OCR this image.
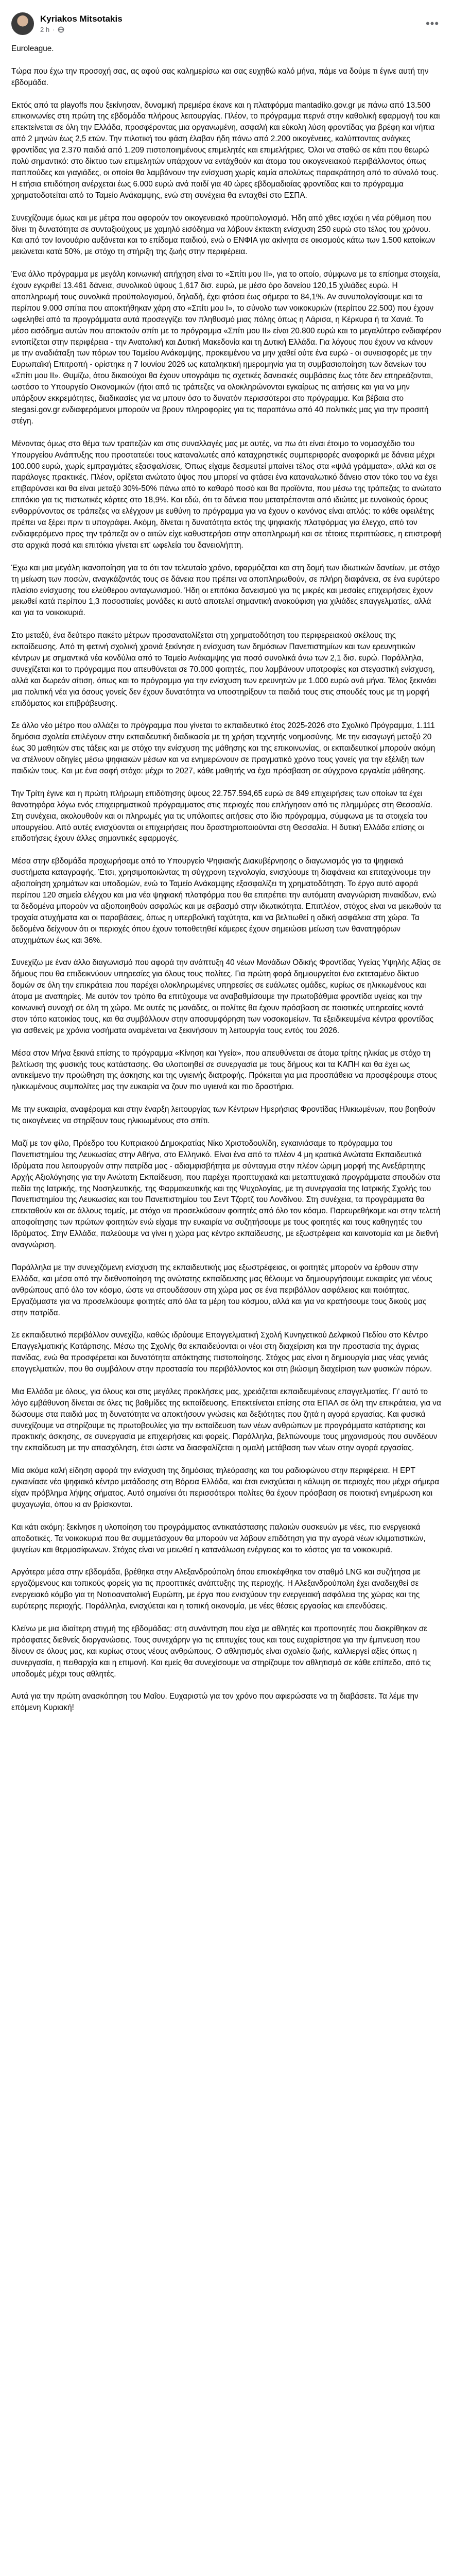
Kyriakos Mitsotakis
2 h ·	•••
Eurolеague.

Τώρα που έχω την προσοχή σας, ας αφού σας καλημερίσω και σας ευχηθώ καλό μήνα, πάμε να δούμε τι έγινε αυτή την εβδομάδα.

Εκτός από τα playoffs που ξεκίνησαν, δυναμική πρεμιέρα έκανε και η πλατφόρμα mantadiko.gov.gr με πάνω από 13.500 επικοινωνίες στη πρώτη της εβδομάδα πλήρους λειτουργίας. Πλέον, το πρόγραμμα περνά στην καθολική εφαρμογή του και επεκτείνεται σε όλη την Ελλάδα, προσφέροντας μια οργανωμένη, ασφαλή και εύκολη λύση φροντίδας για βρέφη και νήπια από 2 μηνών έως 2,5 ετών. Την πιλοτική του φάση έλαβαν ήδη πάνω από 2.200 οικογένειες, καλύπτοντας ανάγκες φροντίδας για 2.370 παιδιά από 1.209 πιστοποιημένους επιμελητές και επιμελήτριες. Όλοι να σταθώ σε κάτι που θεωρώ πολύ σημαντικό: στο δίκτυο των επιμελητών υπάρχουν να εντάχθούν και άτομα του οικογενειακού περιβάλλοντος όπως παππούδες και γιαγιάδες, οι οποίοι θα λαμβάνουν την ενίσχυση χωρίς καμία απολύτως παρακράτηση από το σύνολό τους. Η ετήσια επιδότηση ανέρχεται έως 6.000 ευρώ ανά παιδί για 40 ώρες εβδομαδιαίας φροντίδας και το πρόγραμμα χρηματοδοτείται από το Ταμείο Ανάκαμψης, ενώ στη συνέχεια θα ενταχθεί στο ΕΣΠΑ.

Συνεχίζουμε όμως και με μέτρα που αφορούν τον οικογενειακό προϋπολογισμό. Ήδη από χθες ισχύει η νέα ρύθμιση που δίνει τη δυνατότητα σε συνταξιούχους με χαμηλό εισόδημα να λάβουν έκτακτη ενίσχυση 250 ευρώ στο τέλος του χρόνου. Και από τον Ιανουάριο αυξάνεται και το επίδομα παιδιού, ενώ ο ΕΝΦΙΑ για ακίνητα σε οικισμούς κάτω των 1.500 κατοίκων μειώνεται κατά 50%, με στόχο τη στήριξη της ζωής στην περιφέρεια.

Ένα άλλο πρόγραμμα με μεγάλη κοινωνική απήχηση είναι το «Σπίτι μου ΙΙ», για το οποίο, σύμφωνα με τα επίσημα στοιχεία, έχουν εγκριθεί 13.461 δάνεια, συνολικού ύψους 1,617 δισ. ευρώ, με μέσο όρο δανείου 120,15 χιλιάδες ευρώ. Η αποπληρωμή τους συνολικά προϋπολογισμού, δηλαδή, έχει φτάσει έως σήμερα το 84,1%. Αν συνυπολογίσουμε και τα περίπου 9.000 σπίτια που αποκτήθηκαν χάρη στο «Σπίτι μου Ι», το σύνολο των νοικοκυριών (περίπου 22.500) που έχουν ωφεληθεί από τα προγράμματα αυτά προσεγγίζει τον πληθυσμό μιας πόλης όπως η Λάρισα, η Κέρκυρα ή τα Χανιά. Το μέσο εισόδημα αυτών που αποκτούν σπίτι με το πρόγραμμα «Σπίτι μου ΙΙ» είναι 20.800 ευρώ και το μεγαλύτερο ενδιαφέρον εντοπίζεται στην περιφέρεια - την Ανατολική και Δυτική Μακεδονία και τη Δυτική Ελλάδα. Για λόγους που έχουν να κάνουν με την αναδιάταξη των πόρων του Ταμείου Ανάκαμψης, προκειμένου να μην χαθεί ούτε ένα ευρώ - οι συνεισφορές με την Ευρωπαϊκή Επιτροπή - ορίστηκε η 7 Ιουνίου 2026 ως καταληκτική ημερομηνία για τη συμβασιοποίηση των δανείων του «Σπίτι μου ΙΙ». Θυμίζω, ότου δικαιούχοι θα έχουν υπογράψει τις σχετικές δανειακές συμβάσεις έως τότε δεν επηρεάζονται, ωστόσο το Υπουργείο Οικονομικών (ήτοι από τις τράπεζες να ολοκληρώνονται εγκαίρως τις αιτήσεις και για να μην υπάρξουν εκκρεμότητες, διαδικασίες για να μπουν όσο το δυνατόν περισσότεροι στο πρόγραμμα. Και βέβαια στο stegasi.gov.gr ενδιαφερόμενοι μπορούν να βρουν πληροφορίες για τις παραπάνω από 40 πολιτικές μας για την προσιτή στέγη.

Μένοντας όμως στο θέμα των τραπεζών και στις συναλλαγές μας με αυτές, να πω ότι είναι έτοιμο το νομοσχέδιο του Υπουργείου Ανάπτυξης που προστατεύει τους καταναλωτές από καταχρηστικές συμπεριφορές αναφορικά με δάνεια μέχρι 100.000 ευρώ, χωρίς εμπραγμάτες εξασφαλίσεις. Όπως είχαμε δεσμευτεί μπαίνει τέλος στα «ψιλά γράμματα», αλλά και σε παράλογες πρακτικές. Πλέον, ορίζεται ανώτατο ύψος που μπορεί να φτάσει ένα καταναλωτικό δάνειο στον τόκο του να έχει επιβαρύνσει και θα είναι μεταξύ 30%-50% πάνω από το καθαρό ποσό και θα προϊόντα, που μέσω της τράπεζας το ανώτατο επιτόκιο για τις πιστωτικές κάρτες στο 18,9%. Και εδώ, ότι τα δάνεια που μετατρέπονται από ιδιώτες με ευνοϊκούς όρους ενθαρρύνοντας σε τράπεζες να ελέγχουν με ευθύνη το πρόγραμμα για να έχουν ο κανόνας είναι απλός: το κάθε οφειλέτης πρέπει να ξέρει πριν τι υπογράφει. Ακόμη, δίνεται η δυνατότητα εκτός της ψηφιακής πλατφόρμας για έλεγχο, από τον ενδιαφερόμενο προς την τράπεζα αν ο αιτών είχε καθυστερήσει στην αποπληρωμή και σε τέτοιες περιπτώσεις, η επιστροφή στα αρχικά ποσά και επιτόκια γίνεται επ' ωφελεία του δανειολήπτη.

Έχω και μια μεγάλη ικανοποίηση για το ότι τον τελευταίο χρόνο, εφαρμόζεται και στη δομή των ιδιωτικών δανείων, με στόχο τη μείωση των ποσών, αναγκάζοντάς τους σε δάνεια που πρέπει να αποπληρωθούν, σε πλήρη διαφάνεια, σε ένα ευρύτερο πλαίσιο ενίσχυσης του ελεύθερου ανταγωνισμού. Ήδη οι επιτόκια δανεισμού για τις μικρές και μεσαίες επιχειρήσεις έχουν μειωθεί κατά περίπου 1,3 ποσοστιαίες μονάδες κι αυτό αποτελεί σημαντική ανακούφιση για χιλιάδες επαγγελματίες, αλλά και για τα νοικοκυριά.

Στο μεταξύ, ένα δεύτερο πακέτο μέτρων προσανατολίζεται στη χρηματοδότηση του περιφερειακού σκέλους της εκπαίδευσης. Από τη φετινή σχολική χρονιά ξεκίνησε η ενίσχυση των δημόσιων Πανεπιστημίων και των ερευνητικών κέντρων με σημαντικά νέα κονδύλια από το Ταμείο Ανάκαμψης για ποσό συνολικά άνω των 2,1 δισ. ευρώ. Παράλληλα, συνεχίζεται και το πρόγραμμα που απευθύνεται σε 70.000 φοιτητές, που λαμβάνουν υποτροφίες και στεγαστική ενίσχυση, αλλά και δωρεάν σίτιση, όπως και το πρόγραμμα για την ενίσχυση των ερευνητών με 1.000 ευρώ ανά μήνα. Τέλος ξεκινάει μια πολιτική νέα για όσους γονείς δεν έχουν δυνατότητα να υποστηρίξουν τα παιδιά τους στις σπουδές τους με τη μορφή επιδόματος και επιβράβευσης.

Σε άλλο νέο μέτρο που αλλάζει το πρόγραμμα που γίνεται το εκπαιδευτικό έτος 2025-2026 στο Σχολικό Πρόγραμμα, 1.111 δημόσια σχολεία επιλέγουν στην εκπαιδευτική διαδικασία με τη χρήση τεχνητής νοημοσύνης. Με την εισαγωγή μεταξύ 20 έως 30 μαθητών στις τάξεις και με στόχο την ενίσχυση της μάθησης και της επικοινωνίας, οι εκπαιδευτικοί μπορούν ακόμη να στέλνουν οδηγίες μέσω ψηφιακών μέσων και να ενημερώνουν σε πραγματικό χρόνο τους γονείς για την εξέλιξη των παιδιών τους. Και με ένα σαφή στόχο: μέχρι το 2027, κάθε μαθητής να έχει πρόσβαση σε σύγχρονα εργαλεία μάθησης.

Την Τρίτη έγινε και η πρώτη πλήρωμη επιδότησης ύψους 22.757.594,65 ευρώ σε 849 επιχειρήσεις των οποίων τα έχει θανατηφόρα λόγω ενός επιχειρηματικού πρόγραμματος στις περιοχές που επλήγησαν από τις πλημμύρες στη Θεσσαλία. Στη συνέχεια, ακολουθούν και οι πληρωμές για τις υπόλοιπες αιτήσεις στο ίδιο πρόγραμμα, σύμφωνα με τα στοιχεία του υπουργείου. Από αυτές ενισχύονται οι επιχειρήσεις που δραστηριοποιούνται στη Θεσσαλία. Η δυτική Ελλάδα επίσης οι επιδοτήσεις έχουν άλλες σημαντικές εφαρμογές.

Μέσα στην εβδομάδα προχωρήσαμε από το Υπουργείο Ψηφιακής Διακυβέρνησης ο διαγωνισμός για τα ψηφιακά συστήματα καταγραφής. Έτσι, χρησιμοποιώντας τη σύγχρονη τεχνολογία, ενισχύουμε τη διαφάνεια και επιταχύνουμε την αξιοποίηση χρημάτων και υποδομών, ενώ το Ταμείο Ανάκαμψης εξασφαλίζει τη χρηματοδότηση. Το έργο αυτό αφορά περίπου 120 σημεία ελέγχου και μια νέα ψηφιακή πλατφόρμα που θα επιτρέπει την αυτόματη αναγνώριση πινακίδων, ενώ τα δεδομένα μπορούν να αξιοποιηθούν ασφαλώς και με σεβασμό στην ιδιωτικότητα. Επιπλέον, στόχος είναι να μειωθούν τα τροχαία ατυχήματα και οι παραβάσεις, όπως η υπερβολική ταχύτητα, και να βελτιωθεί η οδική ασφάλεια στη χώρα. Τα δεδομένα δείχνουν ότι οι περιοχές όπου έχουν τοποθετηθεί κάμερες έχουν σημειώσει μείωση των θανατηφόρων ατυχημάτων έως και 36%.

Συνεχίζω με έναν άλλο διαγωνισμό που αφορά την ανάπτυξη 40 νέων Μονάδων Οδικής Φροντίδας Υγείας Υψηλής Αξίας σε δήμους που θα επιδεικνύουν υπηρεσίες για όλους τους πολίτες. Για πρώτη φορά δημιουργείται ένα εκτεταμένο δίκτυο δομών σε όλη την επικράτεια που παρέχει ολοκληρωμένες υπηρεσίες σε ευάλωτες ομάδες, κυρίως σε ηλικιωμένους και άτομα με αναπηρίες. Με αυτόν τον τρόπο θα επιτύχουμε να αναβαθμίσουμε την πρωτοβάθμια φροντίδα υγείας και την κοινωνική συνοχή σε όλη τη χώρα. Με αυτές τις μονάδες, οι πολίτες θα έχουν πρόσβαση σε ποιοτικές υπηρεσίες κοντά στον τόπο κατοικίας τους, και θα συμβάλλουν στην αποσυμφόρηση των νοσοκομείων. Τα εξειδικευμένα κέντρα φροντίδας για ασθενείς με χρόνια νοσήματα αναμένεται να ξεκινήσουν τη λειτουργία τους εντός του 2026.

Μέσα στον Μήνα ξεκινά επίσης το πρόγραμμα «Κίνηση και Υγεία», που απευθύνεται σε άτομα τρίτης ηλικίας με στόχο τη βελτίωση της φυσικής τους κατάστασης. Θα υλοποιηθεί σε συνεργασία με τους δήμους και τα ΚΑΠΗ και θα έχει ως αντικείμενο την προώθηση της άσκησης και της υγιεινής διατροφής. Πρόκειται για μια προσπάθεια να προσφέρουμε στους ηλικιωμένους συμπολίτες μας την ευκαιρία να ζουν πιο υγιεινά και πιο δραστήρια.

Με την ευκαιρία, αναφέρομαι και στην έναρξη λειτουργίας των Κέντρων Ημερήσιας Φροντίδας Ηλικιωμένων, που βοηθούν τις οικογένειες να στηρίξουν τους ηλικιωμένους στο σπίτι.

Μαζί με τον φίλο, Πρόεδρο του Κυπριακού Δημοκρατίας Νίκο Χριστοδουλίδη, εγκαινιάσαμε το πρόγραμμα του Πανεπιστημίου της Λευκωσίας στην Αθήνα, στο Ελληνικό. Είναι ένα από τα πλέον 4 μη κρατικά Ανώτατα Εκπαιδευτικά Ιδρύματα που λειτουργούν στην πατρίδα μας - αδιαμφισβήτητα με σύνταγμα στην πλέον ώριμη μορφή της Ανεξάρτητης Αρχής Αξιολόγησης για την Ανώτατη Εκπαίδευση, που παρέχει προπτυχιακά και μεταπτυχιακά προγράμματα σπουδών στα πεδία της Ιατρικής, της Νοσηλευτικής, της Φαρμακευτικής και της Ψυχολογίας, με τη συνεργασία της Ιατρικής Σχολής του Πανεπιστημίου της Λευκωσίας και του Πανεπιστημίου του Σεντ Τζορτζ του Λονδίνου. Στη συνέχεια, τα προγράμματα θα επεκταθούν και σε άλλους τομείς, με στόχο να προσελκύσουν φοιτητές από όλο τον κόσμο. Παρευρεθήκαμε και στην τελετή αποφοίτησης των πρώτων φοιτητών ενώ είχαμε την ευκαιρία να συζητήσουμε με τους φοιτητές και τους καθηγητές του Ιδρύματος. Στην Ελλάδα, παλεύουμε να γίνει η χώρα μας κέντρο εκπαίδευσης, με εξωστρέφεια και καινοτομία και με διεθνή αναγνώριση.

Παράλληλα με την συνεχιζόμενη ενίσχυση της εκπαιδευτικής μας εξωστρέφειας, οι φοιτητές μπορούν να έρθουν στην Ελλάδα, και μέσα από την διεθνοποίηση της ανώτατης εκπαίδευσης μας θέλουμε να δημιουργήσουμε ευκαιρίες για νέους ανθρώπους από όλο τον κόσμο, ώστε να σπουδάσουν στη χώρα μας σε ένα περιβάλλον ασφάλειας και ποιότητας. Εργαζόμαστε για να προσελκύουμε φοιτητές από όλα τα μέρη του κόσμου, αλλά και για να κρατήσουμε τους δικούς μας στην πατρίδα.

Σε εκπαιδευτικό περιβάλλον συνεχίζω, καθώς ιδρύουμε Επαγγελματική Σχολή Κυνηγετικού Δελφικού Πεδίου στο Κέντρο Επαγγελματικής Κατάρτισης. Μέσω της Σχολής θα εκπαιδεύονται οι νέοι στη διαχείριση και την προστασία της άγριας πανίδας, ενώ θα προσφέρεται και δυνατότητα απόκτησης πιστοποίησης. Στόχος μας είναι η δημιουργία μιας νέας γενιάς επαγγελματιών, που θα συμβάλουν στην προστασία του περιβάλλοντος και στη βιώσιμη διαχείριση των φυσικών πόρων.

Μια Ελλάδα με όλους, για όλους και στις μεγάλες προκλήσεις μας, χρειάζεται εκπαιδευμένους επαγγελματίες. Γι' αυτό το λόγο εμβάθυνση δίνεται σε όλες τις βαθμίδες της εκπαίδευσης. Επεκτείνεται επίσης στα ΕΠΑΛ σε όλη την επικράτεια, για να δώσουμε στα παιδιά μας τη δυνατότητα να αποκτήσουν γνώσεις και δεξιότητες που ζητά η αγορά εργασίας. Και φυσικά συνεχίζουμε να στηρίζουμε τις πρωτοβουλίες για την εκπαίδευση των νέων ανθρώπων με προγράμματα κατάρτισης και πρακτικής άσκησης, σε συνεργασία με επιχειρήσεις και φορείς. Παράλληλα, βελτιώνουμε τους μηχανισμούς που συνδέουν την εκπαίδευση με την απασχόληση, έτσι ώστε να διασφαλίζεται η ομαλή μετάβαση των νέων στην αγορά εργασίας.

Μία ακόμα καλή είδηση αφορά την ενίσχυση της δημόσιας τηλεόρασης και του ραδιοφώνου στην περιφέρεια. Η ΕΡΤ εγκαινίασε νέο ψηφιακό κέντρο μετάδοσης στη Βόρεια Ελλάδα, και έτσι ενισχύεται η κάλυψη σε περιοχές που μέχρι σήμερα είχαν πρόβλημα λήψης σήματος. Αυτό σημαίνει ότι περισσότεροι πολίτες θα έχουν πρόσβαση σε ποιοτική ενημέρωση και ψυχαγωγία, όπου κι αν βρίσκονται.

Και κάτι ακόμη: ξεκίνησε η υλοποίηση του προγράμματος αντικατάστασης παλαιών συσκευών με νέες, πιο ενεργειακά αποδοτικές. Τα νοικοκυριά που θα συμμετάσχουν θα μπορούν να λάβουν επιδότηση για την αγορά νέων κλιματιστικών, ψυγείων και θερμοσίφωνων. Στόχος είναι να μειωθεί η κατανάλωση ενέργειας και το κόστος για τα νοικοκυριά.

Αργότερα μέσα στην εβδομάδα, βρέθηκα στην Αλεξανδρούπολη όπου επισκέφθηκα τον σταθμό LNG και συζήτησα με εργαζόμενους και τοπικούς φορείς για τις προοπτικές ανάπτυξης της περιοχής. Η Αλεξανδρούπολη έχει αναδειχθεί σε ενεργειακό κόμβο για τη Νοτιοανατολική Ευρώπη, με έργα που ενισχύουν την ενεργειακή ασφάλεια της χώρας και της ευρύτερης περιοχής. Παράλληλα, ενισχύεται και η τοπική οικονομία, με νέες θέσεις εργασίας και επενδύσεις.

Κλείνω με μια ιδιαίτερη στιγμή της εβδομάδας: στη συνάντηση που είχα με αθλητές και προπονητές που διακρίθηκαν σε πρόσφατες διεθνείς διοργανώσεις. Τους συνεχάρην για τις επιτυχίες τους και τους ευχαρίστησα για την έμπνευση που δίνουν σε όλους μας, και κυρίως στους νέους ανθρώπους. Ο αθλητισμός είναι σχολείο ζωής, καλλιεργεί αξίες όπως η συνεργασία, η πειθαρχία και η επιμονή. Και εμείς θα συνεχίσουμε να στηρίζουμε τον αθλητισμό σε κάθε επίπεδο, από τις υποδομές μέχρι τους αθλητές.

Αυτά για την πρώτη ανασκόπηση του Μαΐου. Ευχαριστώ για τον χρόνο που αφιερώσατε να τη διαβάσετε. Τα λέμε την επόμενη Κυριακή!
